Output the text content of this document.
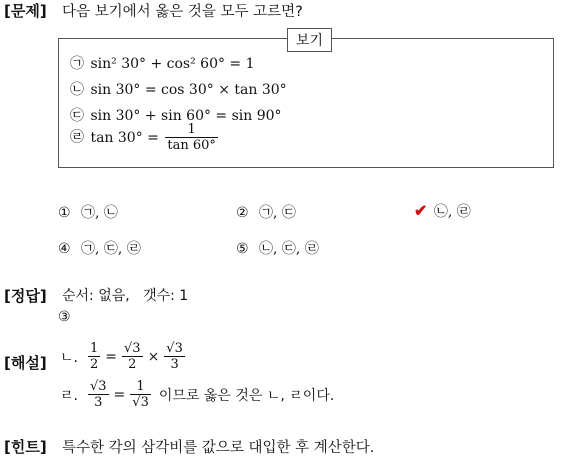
[문제] 다음 보기에서 옳은 것을 모두 고르면?
보기
㉠ sin² 30° + cos² 60° = 1
㉡ sin 30° = cos 30° × tan 30°
㉢ sin 30° + sin 60° = sin 90°
㉣ $\tan 30^\circ = \frac{1}{\tan 60^\circ}$
① ㉠, ㉡	② ㉠, ㉢	✔ ㉡, ㉣
④ ㉠, ㉢, ㉣	⑤ ㉡, ㉢, ㉣
[정답] 순서: 없음,   갯수: 1
③
[해설] ㄴ. $\frac{1}{2} = \frac{√3}{2} \times \frac{√3}{3}$
ㄹ. $\frac{√3}{3} = \frac{1}{√3}$ 이므로 옳은 것은 ㄴ, ㄹ이다.
[힌트] 특수한 각의 삼각비를 값으로 대입한 후 계산한다.
